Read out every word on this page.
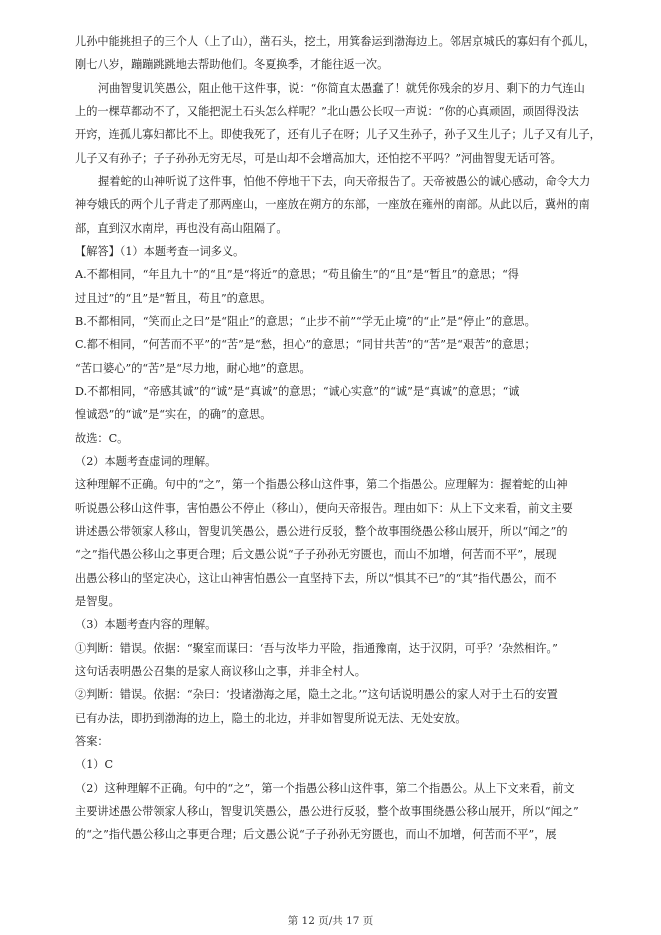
儿孙中能挑担子的三个人（上了山），凿石头，挖土，用箕畚运到渤海边上。邻居京城氏的寡妇有个孤儿，
刚七八岁，蹦蹦跳跳地去帮助他们。冬夏换季，才能往返一次。
河曲智叟讥笑愚公，阻止他干这件事，说：“你简直太愚蠢了！就凭你残余的岁月、剩下的力气连山
上的一棵草都动不了，又能把泥土石头怎么样呢？”北山愚公长叹一声说：“你的心真顽固，顽固得没法
开窍，连孤儿寡妇都比不上。即使我死了，还有儿子在呀；儿子又生孙子，孙子又生儿子；儿子又有儿子，
儿子又有孙子；子子孙孙无穷无尽，可是山却不会增高加大，还怕挖不平吗？”河曲智叟无话可答。
握着蛇的山神听说了这件事，怕他不停地干下去，向天帝报告了。天帝被愚公的诚心感动，命令大力
神夸娥氏的两个儿子背走了那两座山，一座放在朔方的东部，一座放在雍州的南部。从此以后，冀州的南
部，直到汉水南岸，再也没有高山阻隔了。
【解答】（1）本题考查一词多义。
A.不都相同，“年且九十”的“且”是“将近”的意思；“苟且偷生”的“且”是“暂且”的意思；“得
过且过”的“且”是“暂且，苟且”的意思。
B.不都相同，“笑而止之曰”是“阻止”的意思；“止步不前”“学无止境”的“止”是“停止”的意思。
C.都不相同，“何苦而不平”的“苦”是“愁，担心”的意思；“同甘共苦”的“苦”是“艰苦”的意思；
“苦口婆心”的“苦”是“尽力地，耐心地”的意思。
D.不都相同，“帝感其诚”的“诚”是“真诚”的意思；“诚心实意”的“诚”是“真诚”的意思；“诚
惶诚恐”的“诚”是“实在，的确”的意思。
故选：C。
（2）本题考查虚词的理解。
这种理解不正确。句中的“之”，第一个指愚公移山这件事，第二个指愚公。应理解为：握着蛇的山神
听说愚公移山这件事，害怕愚公不停止（移山），便向天帝报告。理由如下：从上下文来看，前文主要
讲述愚公带领家人移山，智叟讥笑愚公，愚公进行反驳，整个故事围绕愚公移山展开，所以“闻之”的
“之”指代愚公移山之事更合理；后文愚公说“子子孙孙无穷匮也，而山不加增，何苦而不平”，展现
出愚公移山的坚定决心，这让山神害怕愚公一直坚持下去，所以“惧其不已”的“其”指代愚公，而不
是智叟。
（3）本题考查内容的理解。
①判断：错误。依据：“聚室而谋曰：‘吾与汝毕力平险，指通豫南，达于汉阴，可乎？’杂然相许。”
这句话表明愚公召集的是家人商议移山之事，并非全村人。
②判断：错误。依据：“杂曰：‘投诸渤海之尾，隐土之北。’”这句话说明愚公的家人对于土石的安置
已有办法，即扔到渤海的边上，隐土的北边，并非如智叟所说无法、无处安放。
答案：
（1）C
（2）这种理解不正确。句中的“之”，第一个指愚公移山这件事，第二个指愚公。从上下文来看，前文
主要讲述愚公带领家人移山，智叟讥笑愚公，愚公进行反驳，整个故事围绕愚公移山展开，所以“闻之”
的“之”指代愚公移山之事更合理；后文愚公说“子子孙孙无穷匮也，而山不加增，何苦而不平”，展
第 12 页/共 17 页
